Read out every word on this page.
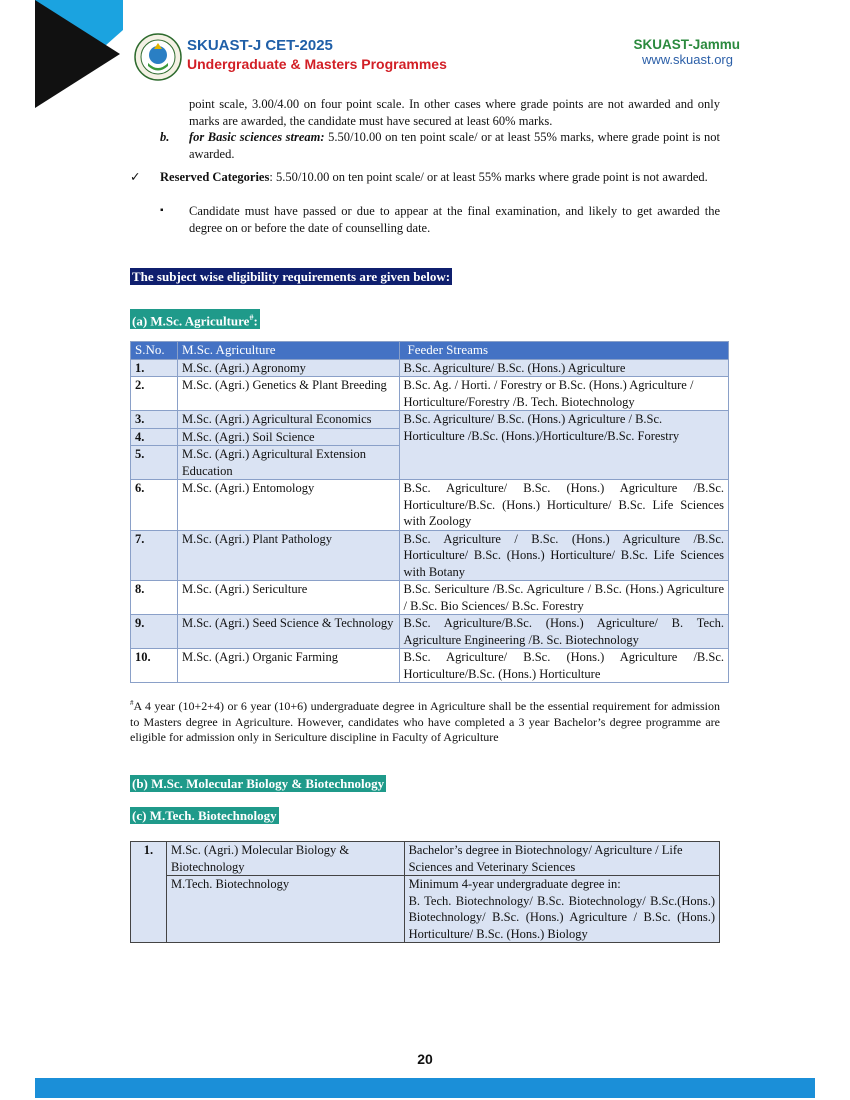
SKUAST-J CET-2025
Undergraduate & Masters Programmes
SKUAST-Jammu
www.skuast.org
point scale, 3.00/4.00 on four point scale. In other cases where grade points are not awarded and only marks are awarded, the candidate must have secured at least 60% marks.
b. for Basic sciences stream: 5.50/10.00 on ten point scale/ or at least 55% marks, where grade point is not awarded.
✓ Reserved Categories: 5.50/10.00 on ten point scale/ or at least 55% marks where grade point is not awarded.
▪ Candidate must have passed or due to appear at the final examination, and likely to get awarded the degree on or before the date of counselling date.
The subject wise eligibility requirements are given below:
(a) M.Sc. Agriculture#:
S.No.	M.Sc. Agriculture	Feeder Streams
1.	M.Sc. (Agri.) Agronomy	B.Sc. Agriculture/ B.Sc. (Hons.) Agriculture
2.	M.Sc. (Agri.) Genetics & Plant Breeding	B.Sc. Ag. / Horti. / Forestry or B.Sc. (Hons.) Agriculture / Horticulture/Forestry /B. Tech. Biotechnology
3.	M.Sc. (Agri.) Agricultural Economics	B.Sc. Agriculture/ B.Sc. (Hons.) Agriculture / B.Sc. Horticulture /B.Sc. (Hons.)/Horticulture/B.Sc. Forestry
4.	M.Sc. (Agri.) Soil Science	
5.	M.Sc. (Agri.) Agricultural Extension Education	
6.	M.Sc. (Agri.) Entomology	B.Sc. Agriculture/ B.Sc. (Hons.) Agriculture /B.Sc. Horticulture/B.Sc. (Hons.) Horticulture/ B.Sc. Life Sciences with Zoology
7.	M.Sc. (Agri.) Plant Pathology	B.Sc. Agriculture / B.Sc. (Hons.) Agriculture /B.Sc. Horticulture/ B.Sc. (Hons.) Horticulture/ B.Sc. Life Sciences with Botany
8.	M.Sc. (Agri.) Sericulture	B.Sc. Sericulture /B.Sc. Agriculture / B.Sc. (Hons.) Agriculture / B.Sc. Bio Sciences/ B.Sc. Forestry
9.	M.Sc. (Agri.) Seed Science & Technology	B.Sc. Agriculture/B.Sc. (Hons.) Agriculture/ B. Tech. Agriculture Engineering /B. Sc. Biotechnology
10.	M.Sc. (Agri.) Organic Farming	B.Sc. Agriculture/ B.Sc. (Hons.) Agriculture /B.Sc. Horticulture/B.Sc. (Hons.) Horticulture
#A 4 year (10+2+4) or 6 year (10+6) undergraduate degree in Agriculture shall be the essential requirement for admission to Masters degree in Agriculture. However, candidates who have completed a 3 year Bachelor’s degree programme are eligible for admission only in Sericulture discipline in Faculty of Agriculture
(b) M.Sc. Molecular Biology & Biotechnology
(c) M.Tech. Biotechnology
1.	M.Sc. (Agri.) Molecular Biology & Biotechnology	Bachelor’s degree in Biotechnology/ Agriculture / Life Sciences and Veterinary Sciences
	M.Tech. Biotechnology	Minimum 4-year undergraduate degree in:
B. Tech. Biotechnology/ B.Sc. Biotechnology/ B.Sc.(Hons.) Biotechnology/ B.Sc. (Hons.) Agriculture / B.Sc. (Hons.) Horticulture/ B.Sc. (Hons.) Biology
20
